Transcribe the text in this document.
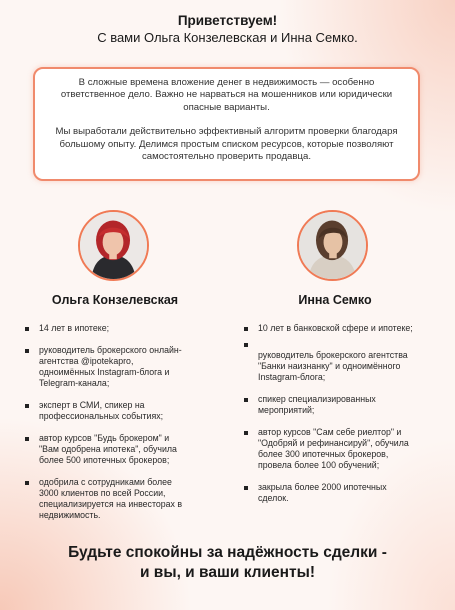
Приветствуем!
С вами Ольга Конзелевская и Инна Семко.

В сложные времена вложение денег в недвижимость — особенно ответственное дело. Важно не нарваться на мошенников или юридически опасные варианты.

Мы выработали действительно эффективный алгоритм проверки благодаря большому опыту. Делимся простым списком ресурсов, которые позволяют самостоятельно проверить продавца.

Ольга Конзелевская
14 лет в ипотеке;
руководитель брокерского онлайн-агентства @ipotekapro, одноимённых Instagram-блога и Telegram-канала;
эксперт в СМИ, спикер на профессиональных событиях;
автор курсов "Будь брокером" и "Вам одобрена ипотека", обучила более 500 ипотечных брокеров;
одобрила с сотрудниками более 3000 клиентов по всей России, специализируется на инвесторах в недвижимость.
Инна Семко
10 лет в банковской сфере и ипотеке;
руководитель брокерского агентства "Банки наизнанку" и одноимённого Instagram-блога;
спикер специализированных мероприятий;
автор курсов "Сам себе риелтор" и "Одобряй и рефинансируй", обучила более 300 ипотечных брокеров, провела более 100 обучений;
закрыла более 2000 ипотечных сделок.
Будьте спокойны за надёжность сделки -
и вы, и ваши клиенты!
